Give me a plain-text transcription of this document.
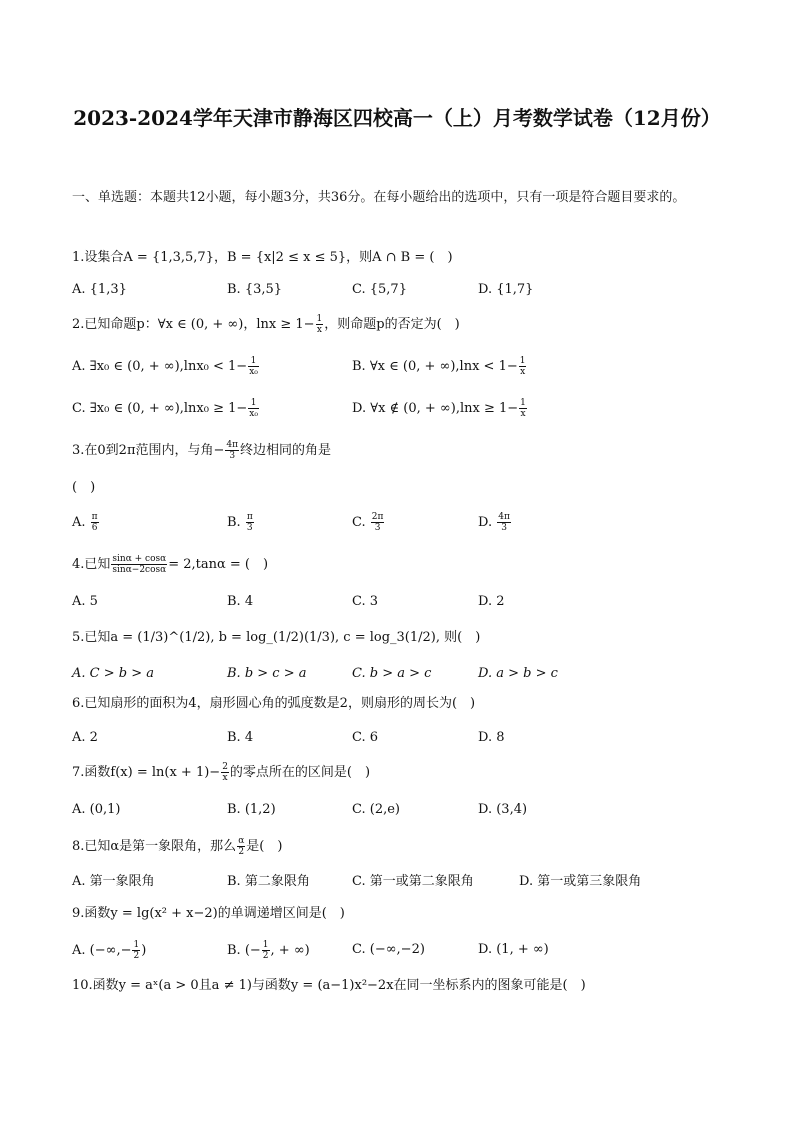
2023-2024学年天津市静海区四校高一（上）月考数学试卷（12月份）
一、单选题：本题共12小题，每小题3分，共36分。在每小题给出的选项中，只有一项是符合题目要求的。
1.设集合A = {1,3,5,7}，B = {x|2 ≤ x ≤ 5}，则A ∩ B = (　)
A. {1,3}	B. {3,5}	C. {5,7}	D. {1,7}
2.已知命题p：∀x ∈ (0, + ∞)，$\ln x \ge 1- \frac{1}{x}$ ，则命题p的否定为(　)
A. ∃x₀ ∈ (0, + $\infty),\ln x_0 < 1- \frac{1}{\text{x₀}}$	B. ∀x ∈ (0, + $\infty),\ln x < 1- \frac{1}{x}$
C. ∃x₀ ∈ (0, + $\infty),\ln x_0 \ge 1- \frac{1}{\text{x₀}}$	D. ∀x ∉ (0, + $\infty),\ln x \ge 1- \frac{1}{x}$
3.在0到2π范围内，与角− $\frac{4\pi}{3}$ 终边相同的角是
(　)
A. $\frac{\pi}{6}$	B. $\frac{\pi}{3}$	C. $\frac{2\pi}{3}$	D. $\frac{4\pi}{3}$
4.已知 $\frac{\sin\alpha + \cos\alpha}{\sin\alpha-2\cos\alpha} = 2,\tan\alpha$ = (　)
A. 5	B. 4	C. 3	D. 2
5.已知a = (1/3)^(1/2), b = log_(1/2)(1/3), c = log_3(1/2), 则(　)
A. C > b > a	B. b > c > a	C. b > a > c	D. a > b > c
6.已知扇形的面积为4，扇形圆心角的弧度数是2，则扇形的周长为(　)
A. 2	B. 4	C. 6	D. 8
7.函数$f(x) = \ln(x + 1)- \frac{2}{x}$ 的零点所在的区间是(　)
A. (0,1)	B. (1,2)	C. (2,e)	D. (3,4)
8.已知α是第一象限角，那么 $\frac{\alpha}{2}$ 是(　)
A. 第一象限角	B. 第二象限角	C. 第一或第二象限角	D. 第一或第三象限角
9.函数y = lg(x² + x−2)的单调递增区间是(　)
A. (−∞,− $\frac{1}{2}$ )	B. (− $\frac{1}{2}$ , + ∞)	C. (−∞,−2)	D. (1, + ∞)
10.函数y = aˣ(a > 0且a ≠ 1)与函数y = (a−1)x²−2x在同一坐标系内的图象可能是(　)
